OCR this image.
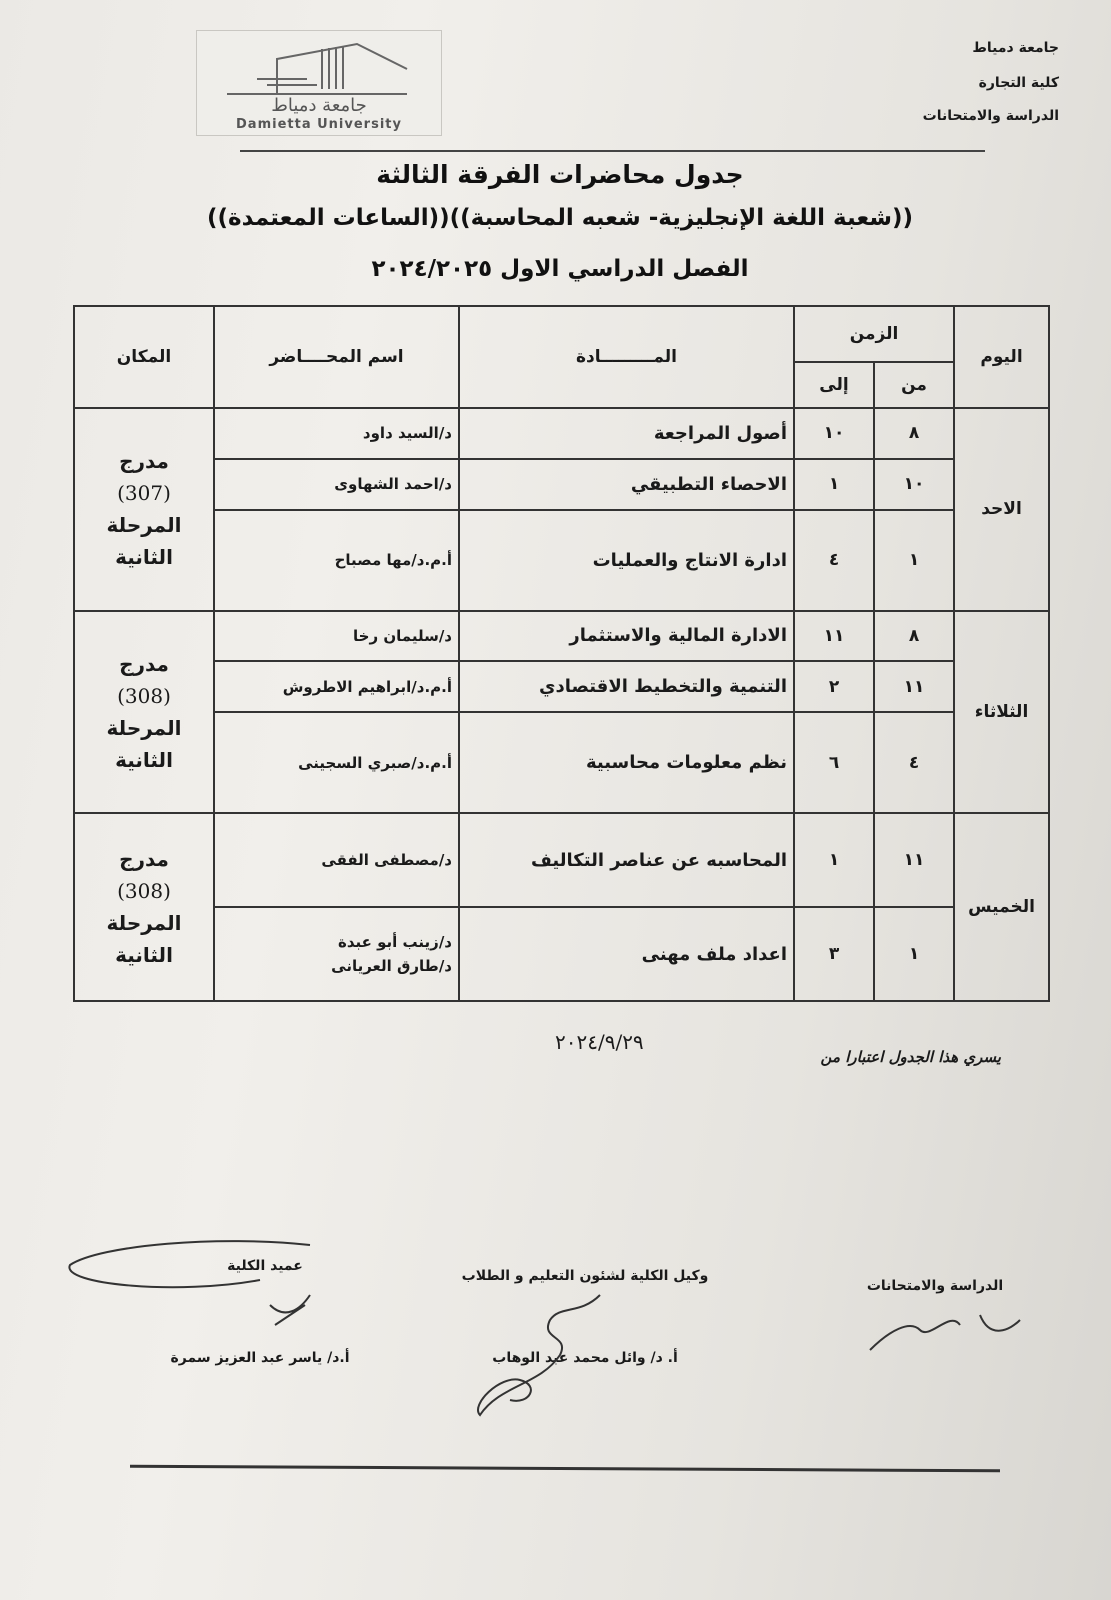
جامعة دمياط
Damietta University
جامعة دمياط
كلية التجارة
الدراسة والامتحانات
جدول محاضرات الفرقة الثالثة
((شعبة اللغة الإنجليزية- شعبه المحاسبة))((الساعات المعتمدة))
الفصل الدراسي الاول ٢٠٢٤/٢٠٢٥
اليوم	الزمن		المـــــــــادة	اسم المحــــاضر	المكان
	من	إلى			
الاحد	٨	١٠	أصول المراجعة	د/السيد داود	مدرج
(307)
المرحلة
الثانية

	١٠	١	الاحصاء التطبيقي	د/احمد الشهاوى	
	١	٤	ادارة الانتاج والعمليات	أ.م.د/مها مصباح	
الثلاثاء	٨	١١	الادارة المالية والاستثمار	د/سليمان رخا	مدرج
(308)
المرحلة
الثانية

	١١	٢	التنمية والتخطيط الاقتصادي	أ.م.د/ابراهيم الاطروش	
	٤	٦	نظم معلومات محاسبية	أ.م.د/صبري السجينى	
الخميس	١١	١	المحاسبه عن عناصر التكاليف	د/مصطفى الفقى	مدرج
(308)
المرحلة
الثانية

	١	٣	اعداد ملف مهنى	د/زينب أبو عبدة
د/طارق العريانى	
يسري هذا الجدول اعتبارا من
٢٠٢٤/٩/٢٩
الدراسة والامتحانات
وكيل الكلية لشئون التعليم و الطلاب
أ. د/ وائل محمد عبد الوهاب
عميد الكلية
أ.د/ ياسر عبد العزيز سمرة
